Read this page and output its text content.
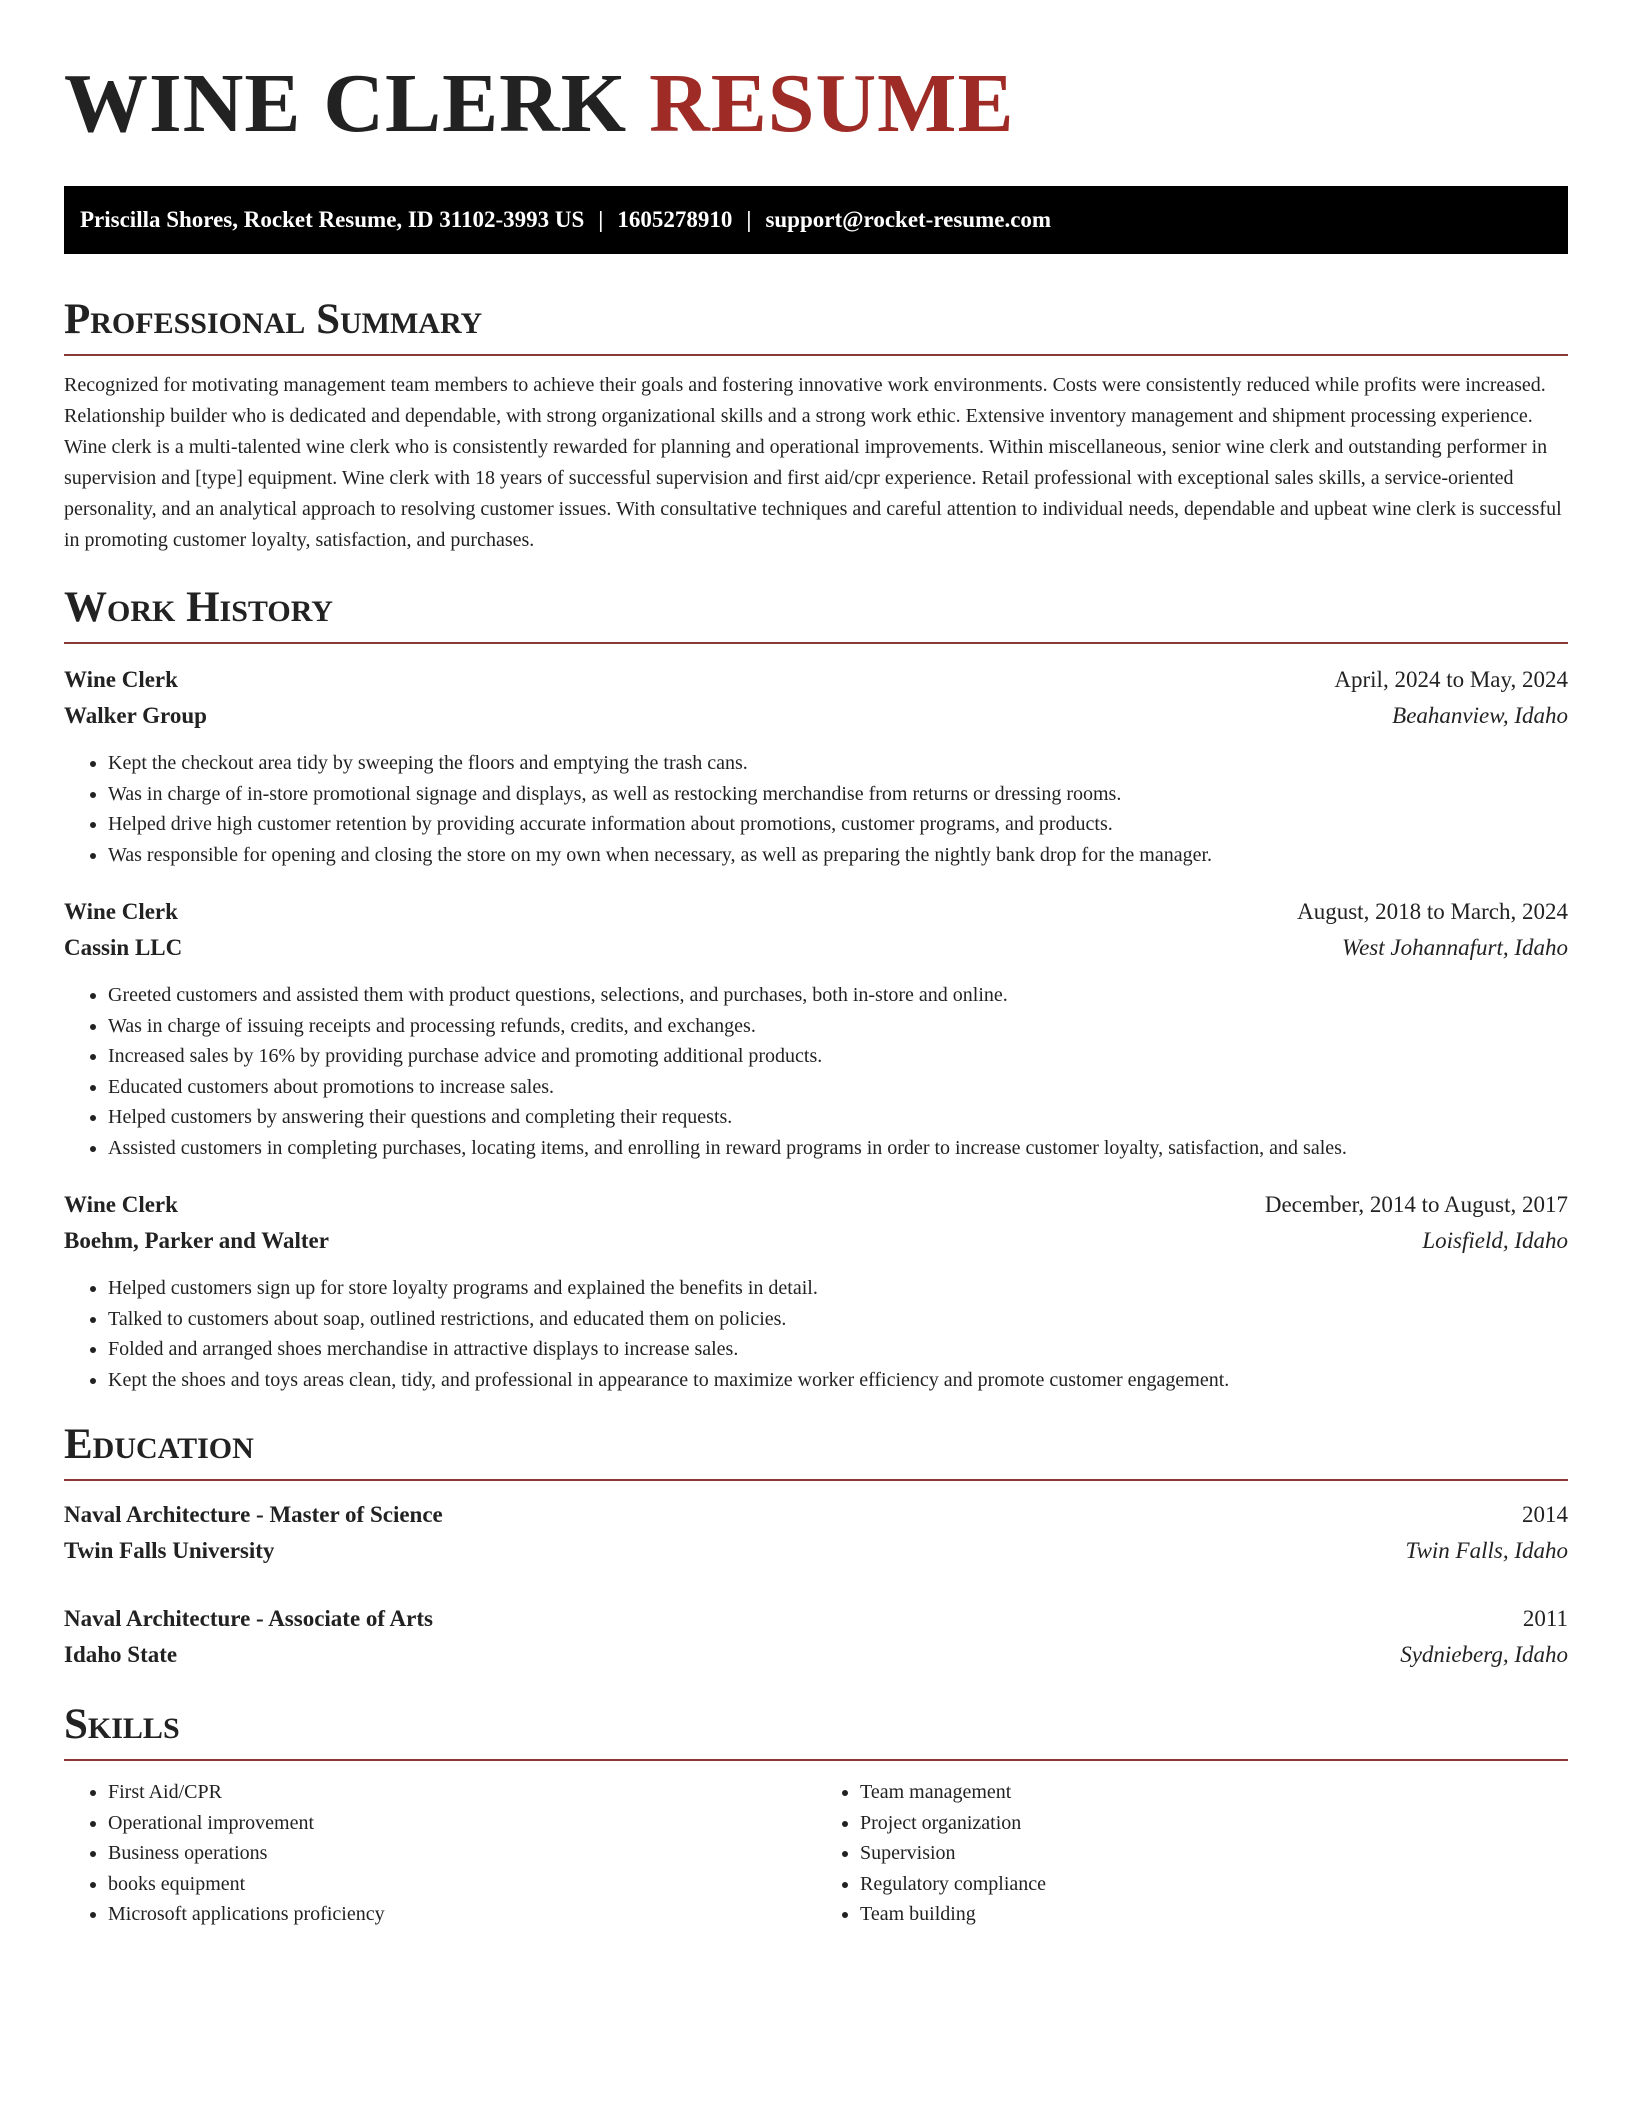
WINE CLERK RESUME
Priscilla Shores, Rocket Resume, ID 31102-3993 US | 1605278910 | support@rocket-resume.com
Professional Summary

Recognized for motivating management team members to achieve their goals and fostering innovative work environments. Costs were consistently reduced while profits were increased. Relationship builder who is dedicated and dependable, with strong organizational skills and a strong work ethic. Extensive inventory management and shipment processing experience. Wine clerk is a multi-talented wine clerk who is consistently rewarded for planning and operational improvements. Within miscellaneous, senior wine clerk and outstanding performer in supervision and [type] equipment. Wine clerk with 18 years of successful supervision and first aid/cpr experience. Retail professional with exceptional sales skills, a service-oriented personality, and an analytical approach to resolving customer issues. With consultative techniques and careful attention to individual needs, dependable and upbeat wine clerk is successful in promoting customer loyalty, satisfaction, and purchases.

Work History
Wine Clerk	April, 2024 to May, 2024
Walker Group	Beahanview, Idaho
• Kept the checkout area tidy by sweeping the floors and emptying the trash cans.
• Was in charge of in-store promotional signage and displays, as well as restocking merchandise from returns or dressing rooms.
• Helped drive high customer retention by providing accurate information about promotions, customer programs, and products.
• Was responsible for opening and closing the store on my own when necessary, as well as preparing the nightly bank drop for the manager.
Wine Clerk	August, 2018 to March, 2024
Cassin LLC	West Johannafurt, Idaho
• Greeted customers and assisted them with product questions, selections, and purchases, both in-store and online.
• Was in charge of issuing receipts and processing refunds, credits, and exchanges.
• Increased sales by 16% by providing purchase advice and promoting additional products.
• Educated customers about promotions to increase sales.
• Helped customers by answering their questions and completing their requests.
• Assisted customers in completing purchases, locating items, and enrolling in reward programs in order to increase customer loyalty, satisfaction, and sales.
Wine Clerk	December, 2014 to August, 2017
Boehm, Parker and Walter	Loisfield, Idaho
• Helped customers sign up for store loyalty programs and explained the benefits in detail.
• Talked to customers about soap, outlined restrictions, and educated them on policies.
• Folded and arranged shoes merchandise in attractive displays to increase sales.
• Kept the shoes and toys areas clean, tidy, and professional in appearance to maximize worker efficiency and promote customer engagement.
Education
Naval Architecture - Master of Science	2014
Twin Falls University	Twin Falls, Idaho
Naval Architecture - Associate of Arts	2011
Idaho State	Sydnieberg, Idaho
Skills
• First Aid/CPR
• Operational improvement
• Business operations
• books equipment
• Microsoft applications proficiency
• Team management
• Project organization
• Supervision
• Regulatory compliance
• Team building
